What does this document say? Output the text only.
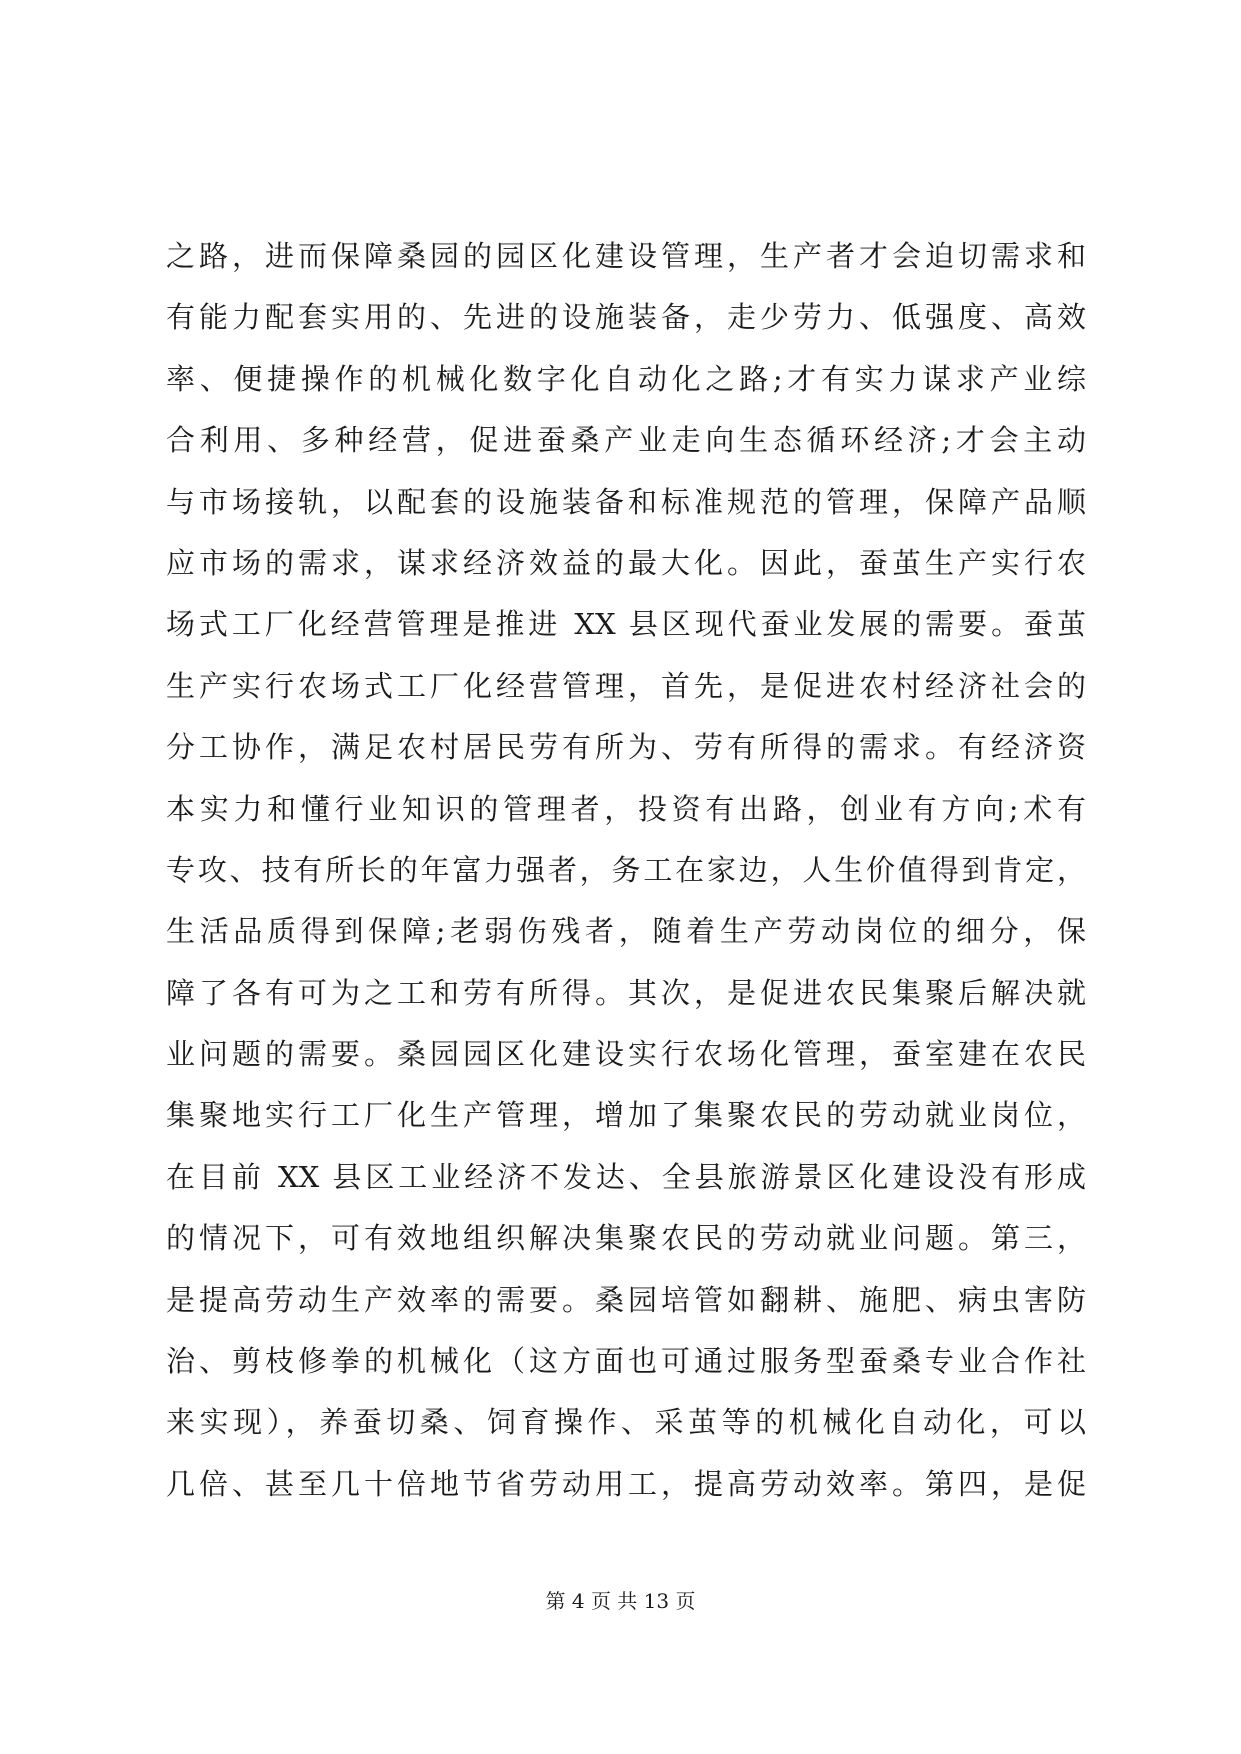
之路，进而保障桑园的园区化建设管理，生产者才会迫切需求和
有能力配套实用的、先进的设施装备，走少劳力、低强度、高效
率、便捷操作的机械化数字化自动化之路;才有实力谋求产业综
合利用、多种经营，促进蚕桑产业走向生态循环经济;才会主动
与市场接轨，以配套的设施装备和标准规范的管理，保障产品顺
应市场的需求，谋求经济效益的最大化。因此，蚕茧生产实行农
场式工厂化经营管理是推进 XX 县区现代蚕业发展的需要。蚕茧
生产实行农场式工厂化经营管理，首先，是促进农村经济社会的
分工协作，满足农村居民劳有所为、劳有所得的需求。有经济资
本实力和懂行业知识的管理者，投资有出路，创业有方向;术有
专攻、技有所长的年富力强者，务工在家边，人生价值得到肯定，
生活品质得到保障;老弱伤残者，随着生产劳动岗位的细分，保
障了各有可为之工和劳有所得。其次，是促进农民集聚后解决就
业问题的需要。桑园园区化建设实行农场化管理，蚕室建在农民
集聚地实行工厂化生产管理，增加了集聚农民的劳动就业岗位，
在目前 XX 县区工业经济不发达、全县旅游景区化建设没有形成
的情况下，可有效地组织解决集聚农民的劳动就业问题。第三，
是提高劳动生产效率的需要。桑园培管如翻耕、施肥、病虫害防
治、剪枝修拳的机械化（这方面也可通过服务型蚕桑专业合作社
来实现），养蚕切桑、饲育操作、采茧等的机械化自动化，可以
几倍、甚至几十倍地节省劳动用工，提高劳动效率。第四，是促
第 4 页 共 13 页
